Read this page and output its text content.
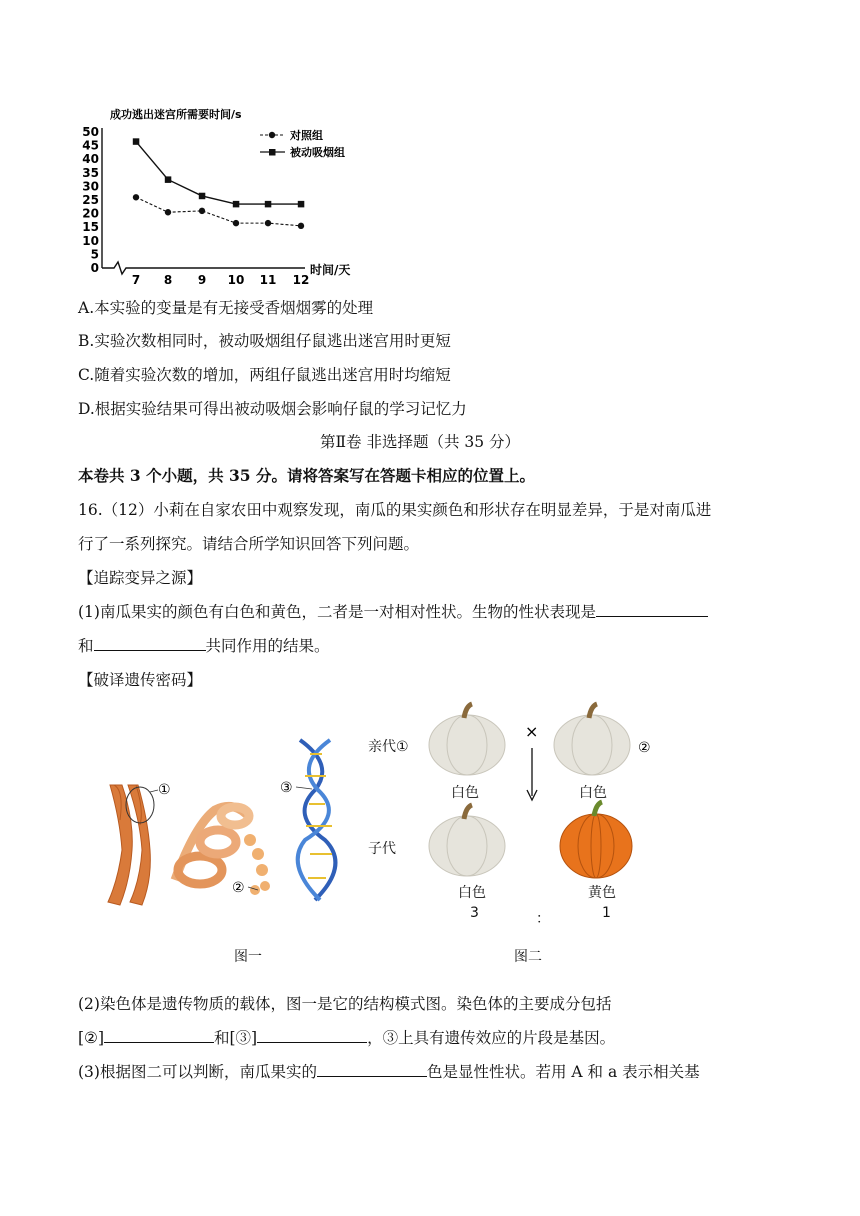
成功逃出迷宫所需要时间/s
时间/天
50
45
40
35
30
25
20
15
10
5
0
7 8 9 10 11 12
对照组
被动吸烟组
A.本实验的变量是有无接受香烟烟雾的处理
B.实验次数相同时，被动吸烟组仔鼠逃出迷宫用时更短
C.随着实验次数的增加，两组仔鼠逃出迷宫用时均缩短
D.根据实验结果可得出被动吸烟会影响仔鼠的学习记忆力
第Ⅱ卷 非选择题（共 35 分）
本卷共 3 个小题，共 35 分。请将答案写在答题卡相应的位置上。
16.（12）小莉在自家农田中观察发现，南瓜的果实颜色和形状存在明显差异，于是对南瓜进
行了一系列探究。请结合所学知识回答下列问题。
【追踪变异之源】
(1)南瓜果实的颜色有白色和黄色，二者是一对相对性状。生物的性状表现是
和	共同作用的结果。
【破译遗传密码】
①
②
③
图一
亲代①
子代
×
②
白色	白色
白色	黄色
3	：	1
图二
(2)染色体是遗传物质的载体，图一是它的结构模式图。染色体的主要成分包括
[②]	和[③]	，③上具有遗传效应的片段是基因。
(3)根据图二可以判断，南瓜果实的	色是显性性状。若用 A 和 a 表示相关基
